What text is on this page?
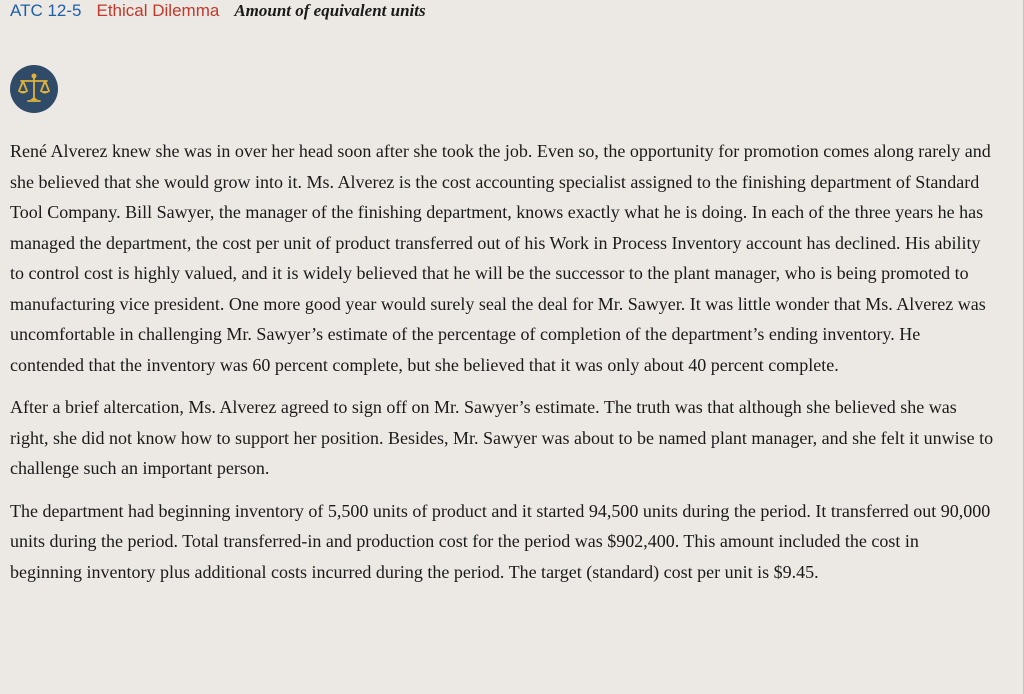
ATC 12-5 Ethical Dilemma Amount of equivalent units

René Alverez knew she was in over her head soon after she took the job. Even so, the opportunity for promotion comes along rarely and she believed that she would grow into it. Ms. Alverez is the cost accounting specialist assigned to the finishing department of Standard Tool Company. Bill Sawyer, the manager of the finishing department, knows exactly what he is doing. In each of the three years he has managed the department, the cost per unit of product transferred out of his Work in Process Inventory account has declined. His ability to control cost is highly valued, and it is widely believed that he will be the successor to the plant manager, who is being promoted to manufacturing vice president. One more good year would surely seal the deal for Mr. Sawyer. It was little wonder that Ms. Alverez was uncomfortable in challenging Mr. Sawyer’s estimate of the percentage of completion of the department’s ending inventory. He contended that the inventory was 60 percent complete, but she believed that it was only about 40 percent complete.

After a brief altercation, Ms. Alverez agreed to sign off on Mr. Sawyer’s estimate. The truth was that although she believed she was right, she did not know how to support her position. Besides, Mr. Sawyer was about to be named plant manager, and she felt it unwise to challenge such an important person.

The department had beginning inventory of 5,500 units of product and it started 94,500 units during the period. It transferred out 90,000 units during the period. Total transferred-in and production cost for the period was $902,400. This amount included the cost in beginning inventory plus additional costs incurred during the period. The target (standard) cost per unit is $9.45.
